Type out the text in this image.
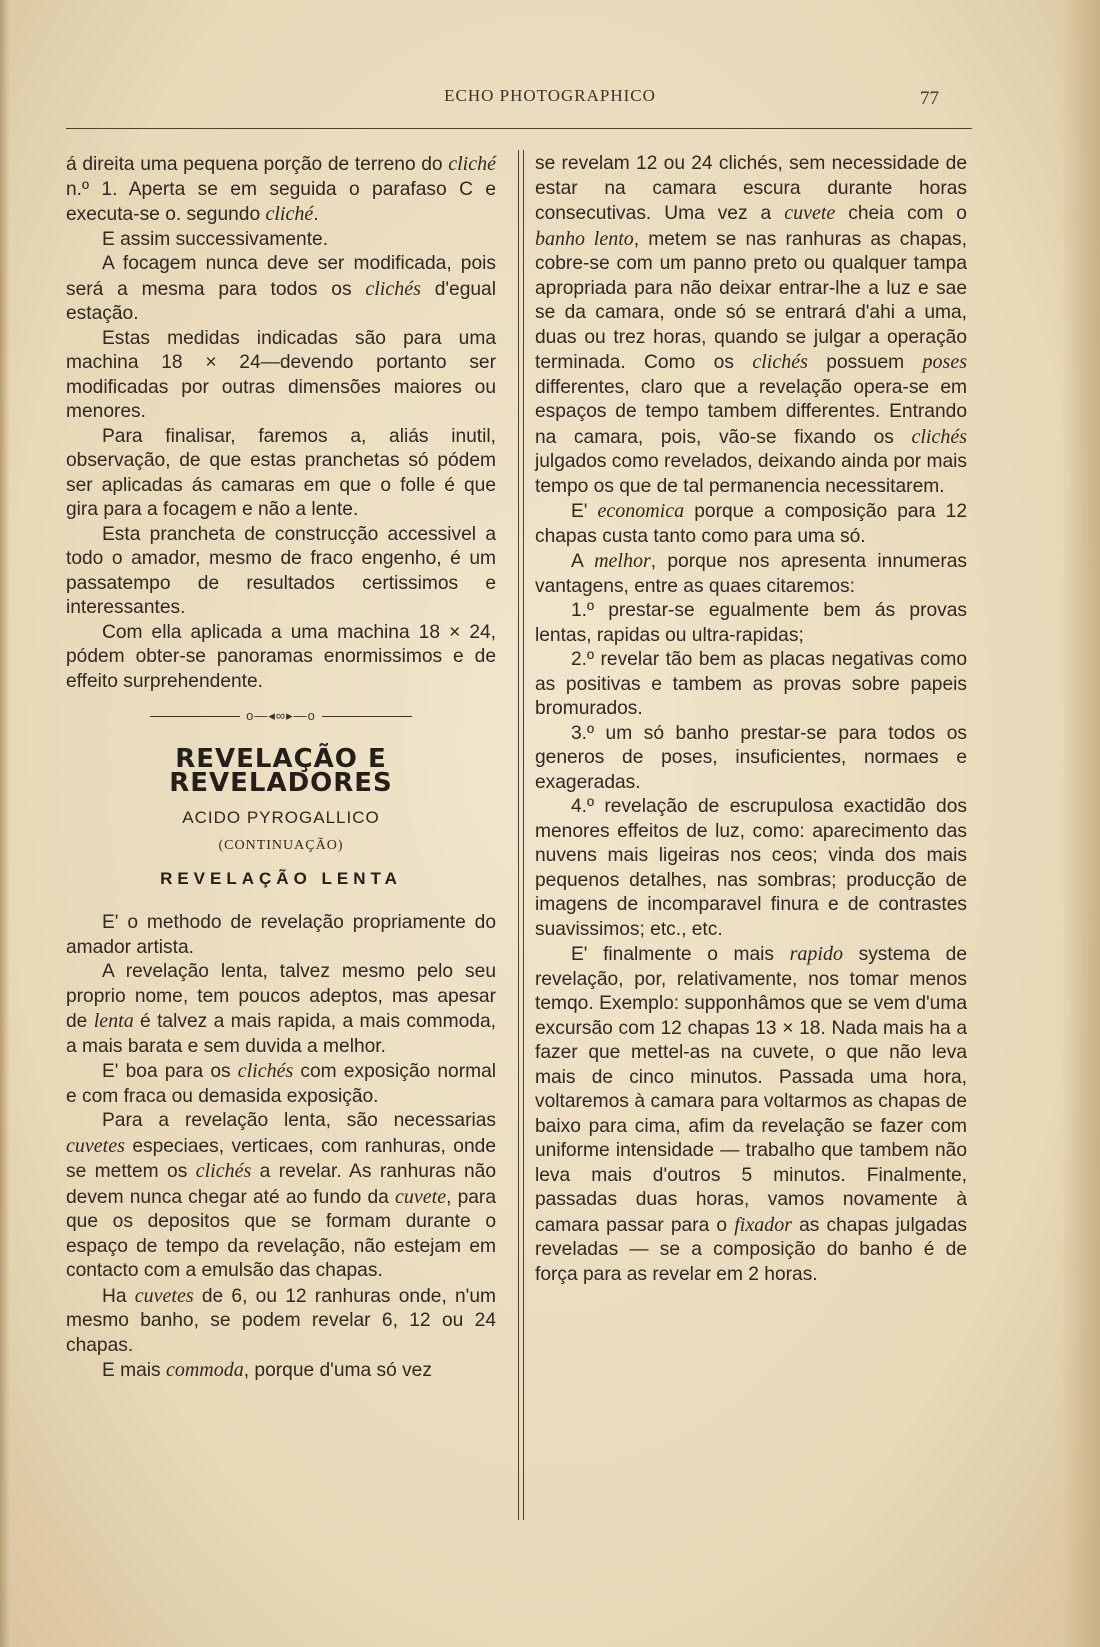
ECHO PHOTOGRAPHICO	77

á direita uma pequena porção de terreno do cliché n.º 1. Aperta se em seguida o parafaso C e executa-se o. segundo cliché.

E assim successivamente.

A focagem nunca deve ser modificada, pois será a mesma para todos os clichés d'egual estação.

Estas medidas indicadas são para uma machina 18 × 24—devendo portanto ser modificadas por outras dimensões maiores ou menores.

Para finalisar, faremos a, aliás inutil, observação, de que estas pranchetas só pódem ser aplicadas ás camaras em que o folle é que gira para a focagem e não a lente.

Esta prancheta de construcção accessivel a todo o amador, mesmo de fraco engenho, é um passatempo de resultados certissimos e interessantes.

Com ella aplicada a uma machina 18 × 24, pódem obter-se panoramas enormissimos e de effeito surprehendente.

o—◂∞▸—o
REVELAÇÃO E REVELADORES
ACIDO PYROGALLICO
(CONTINUAÇÃO)
REVELAÇÃO LENTA

E' o methodo de revelação propriamente do amador artista.

A revelação lenta, talvez mesmo pelo seu proprio nome, tem poucos adeptos, mas apesar de lenta é talvez a mais rapida, a mais commoda, a mais barata e sem duvida a melhor.

E' boa para os clichés com exposição normal e com fraca ou demasida exposição.

Para a revelação lenta, são necessarias cuvetes especiaes, verticaes, com ranhuras, onde se mettem os clichés a revelar. As ranhuras não devem nunca chegar até ao fundo da cuvete, para que os depositos que se formam durante o espaço de tempo da revelação, não estejam em contacto com a emulsão das chapas.

Ha cuvetes de 6, ou 12 ranhuras onde, n'um mesmo banho, se podem revelar 6, 12 ou 24 chapas.

E mais commoda, porque d'uma só vez

se revelam 12 ou 24 clichés, sem necessidade de estar na camara escura durante horas consecutivas. Uma vez a cuvete cheia com o banho lento, metem se nas ranhuras as chapas, cobre-se com um panno preto ou qualquer tampa apropriada para não deixar entrar-lhe a luz e sae se da camara, onde só se entrará d'ahi a uma, duas ou trez horas, quando se julgar a operação terminada. Como os clichés possuem poses differentes, claro que a revelação opera-se em espaços de tempo tambem differentes. Entrando na camara, pois, vão-se fixando os clichés julgados como revelados, deixando ainda por mais tempo os que de tal permanencia necessitarem.

E' economica porque a composição para 12 chapas custa tanto como para uma só.

A melhor, porque nos apresenta innumeras vantagens, entre as quaes citaremos:

1.º prestar-se egualmente bem ás provas lentas, rapidas ou ultra-rapidas;

2.º revelar tão bem as placas negativas como as positivas e tambem as provas sobre papeis bromurados.

3.º um só banho prestar-se para todos os generos de poses, insuficientes, normaes e exageradas.

4.º revelação de escrupulosa exactidão dos menores effeitos de luz, como: aparecimento das nuvens mais ligeiras nos ceos; vinda dos mais pequenos detalhes, nas sombras; producção de imagens de incomparavel finura e de contrastes suavissimos; etc., etc.

E' finalmente o mais rapido systema de revelação, por, relativamente, nos tomar menos temqo. Exemplo: supponhâmos que se vem d'uma excursão com 12 chapas 13 × 18. Nada mais ha a fazer que mettel-as na cuvete, o que não leva mais de cinco minutos. Passada uma hora, voltaremos à camara para voltarmos as chapas de baixo para cima, afim da revelação se fazer com uniforme intensidade — trabalho que tambem não leva mais d'outros 5 minutos. Finalmente, passadas duas horas, vamos novamente à camara passar para o fixador as chapas julgadas reveladas — se a composição do banho é de força para as revelar em 2 horas.
